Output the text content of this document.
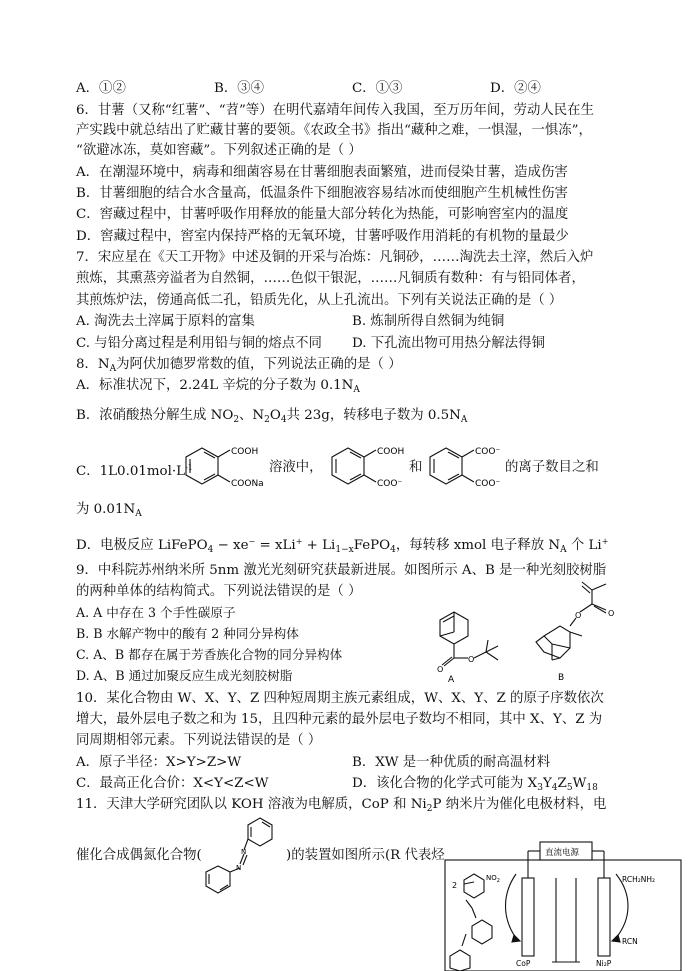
A．①②	B．③④	C．①③	D．②④
6．甘薯（又称“红薯”、“苕”等）在明代嘉靖年间传入我国，至万历年间，劳动人民在生
产实践中就总结出了贮藏甘薯的要领。《农政全书》指出“藏种之难，一惧湿，一惧冻”，
“欲避冰冻，莫如窖藏”。下列叙述正确的是（ ）
A．在潮湿环境中，病毒和细菌容易在甘薯细胞表面繁殖，进而侵染甘薯，造成伤害
B．甘薯细胞的结合水含量高，低温条件下细胞液容易结冰而使细胞产生机械性伤害
C．窖藏过程中，甘薯呼吸作用释放的能量大部分转化为热能，可影响窖室内的温度
D．窖藏过程中，窖室内保持严格的无氧环境，甘薯呼吸作用消耗的有机物的量最少
7．宋应星在《天工开物》中述及铜的开采与冶炼：凡铜砂，……淘洗去土滓，然后入炉
煎炼，其熏蒸旁溢者为自然铜，……色似干银泥，……凡铜质有数种：有与铅同体者，
其煎炼炉法，傍通高低二孔，铅质先化，从上孔流出。下列有关说法正确的是（ ）
A. 淘洗去土滓属于原料的富集	B. 炼制所得自然铜为纯铜
C. 与铅分离过程是利用铅与铜的熔点不同 D. 下孔流出物可用热分解法得铜
8．$N_A$为阿伏加德罗常数的值，下列说法正确的是（ ）
A．标准状况下，2.24L 辛烷的分子数为 $0.1N_A$
B．浓硝酸热分解生成 $NO_2$、$N_2O_4$共 23g，转移电子数为 $0.5N_A$
C．$1L0.01mol\cdot L^{-1}$
COOH
COONa
溶液中，
COOH
COO⁻
和
COO⁻
COO⁻
的离子数目之和
为 $0.01N_A$
D．电极反应 LiFePO$_4$ − $xe^- = xLi^+ + Li_{1-x}FePO_4$，每转移 xmol 电子释放 $N_A$ 个 Li+
9．中科院苏州纳米所 5nm 激光光刻研究获最新进展。如图所示 A、B 是一种光刻胶树脂
的两种单体的结构简式。下列说法错误的是（ ）
A. A 中存在 3 个手性碳原子
B. B 水解产物中的酸有 2 种同分异构体
C. A、B 都存在属于芳香族化合物的同分异构体
D. A、B 通过加聚反应生成光刻胶树脂	O
O
A
O	O
B
10．某化合物由 W、X、Y、Z 四种短周期主族元素组成，W、X、Y、Z 的原子序数依次
增大，最外层电子数之和为 15，且四种元素的最外层电子数均不相同，其中 X、Y、Z 为
同周期相邻元素。下列说法错误的是（ ）
A．原子半径：X>Y>Z>W	B．XW 是一种优质的耐高温材料
C．最高正化合价：X<Y<Z<W	D．该化合物的化学式可能为 $X_3Y_4Z_5W_{18}$
11．天津大学研究团队以 KOH 溶液为电解质，CoP 和 $Ni_2P$ 纳米片为催化电极材料，电
催化合成偶氮化合物(	N
N
)的装置如图所示(R 代表烃	直流电源
2
$NO_2$	RCH₂NH₂
RCN
CoP	Ni₂P
